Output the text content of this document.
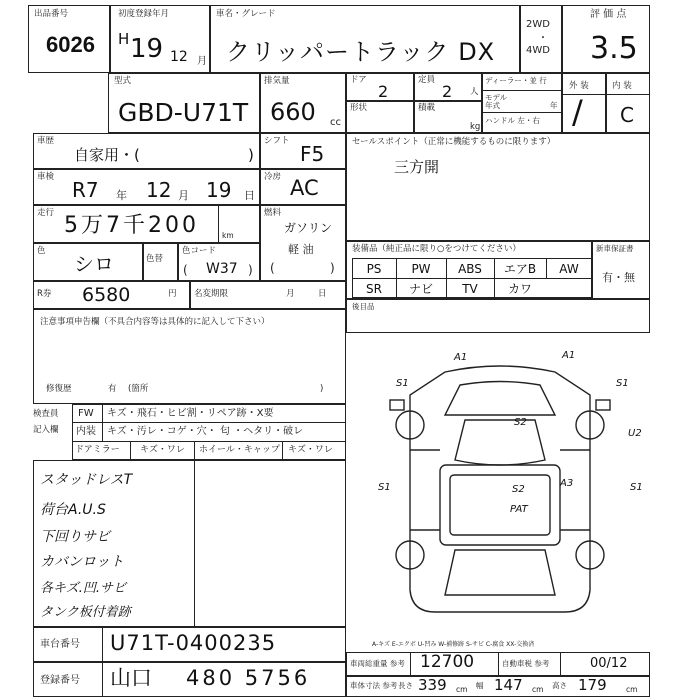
出品番号
6026
初度登録年月
H 19 12 月
車名・グレード
クリッパートラック DX
2WD
・
4WD
評 価 点
3.5
型式
GBD-U71T
排気量
660 cc
ドア
2
定員
2 人
形状	積載
kg
ディーラー・並 行
モデル 年式	年
ハンドル 左・右
外 装
/
内 装
C
車歴
自家用・(	)
シフト
F5
車検
R7 年 12 月 19 日
冷房 AC
走行 5万7千200	km
燃料
ガソリン
軽 油
(	)
色
シロ	色替
色コード
( W37 )
R券 6580	円 名変期限	月	日
注意事項申告欄（不具合内容等は具体的に記入して下さい）
修復歴	有 (箇所	)
セールスポイント（正常に機能するものに限ります）
三方開
装備品（純正品に限り○をつけてください）
PS	PW	ABS	エアB	AW
SR	ナビ	TV	カワ
新車保証書
有・無
後目品
検査員
記入欄
FW キズ・飛石・ヒビ割・リペア跡・X要
内装 キズ・汚レ・コゲ・穴・ 匂 ・ヘタリ・破レ
ドアミラー キズ・ワレ ホイール・キャップ キズ・ワレ
スタッドレスT
荷台A.U.S
下回りサビ
カバンロット
各キズ.凹.サビ
タンク板付着跡
A1	A1
S1	S1
U2
S1	S1
S2
S2
PAT
A3
車台番号 U71T-0400235
登録番号 山口 480 5756
A-キズ E-エクボ U-凹み W-補修跡 S-サビ C-腐食 XX-交換済
車両総重量 参考 12700	自動車税 参考	00/12
車体寸法 参考 長さ 339 cm 幅 147 cm 高さ 179	cm
